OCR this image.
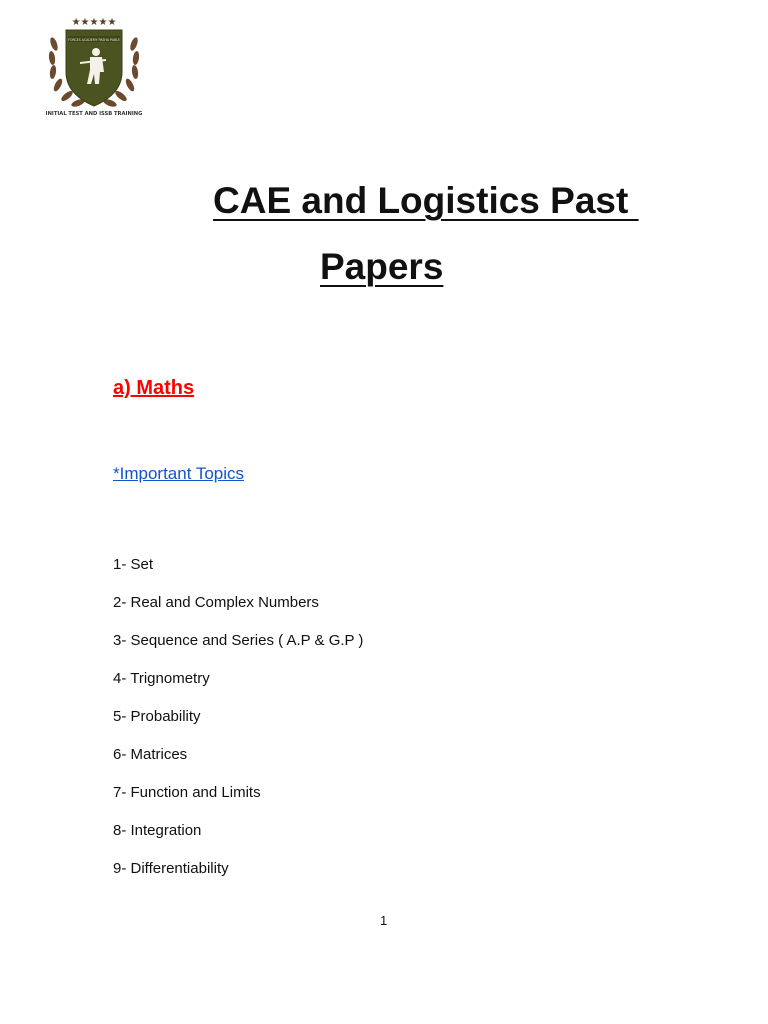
★★★★★
FORCES ACADEMY PASHA PABLE
INITIAL TEST AND ISSB TRAINING
CAE and Logistics Past
Papers
a) Maths
*Important Topics
1- Set
2- Real and Complex Numbers
3- Sequence and Series ( A.P & G.P )
4- Trignometry
5- Probability
6- Matrices
7- Function and Limits
8- Integration
9- Differentiability
1
